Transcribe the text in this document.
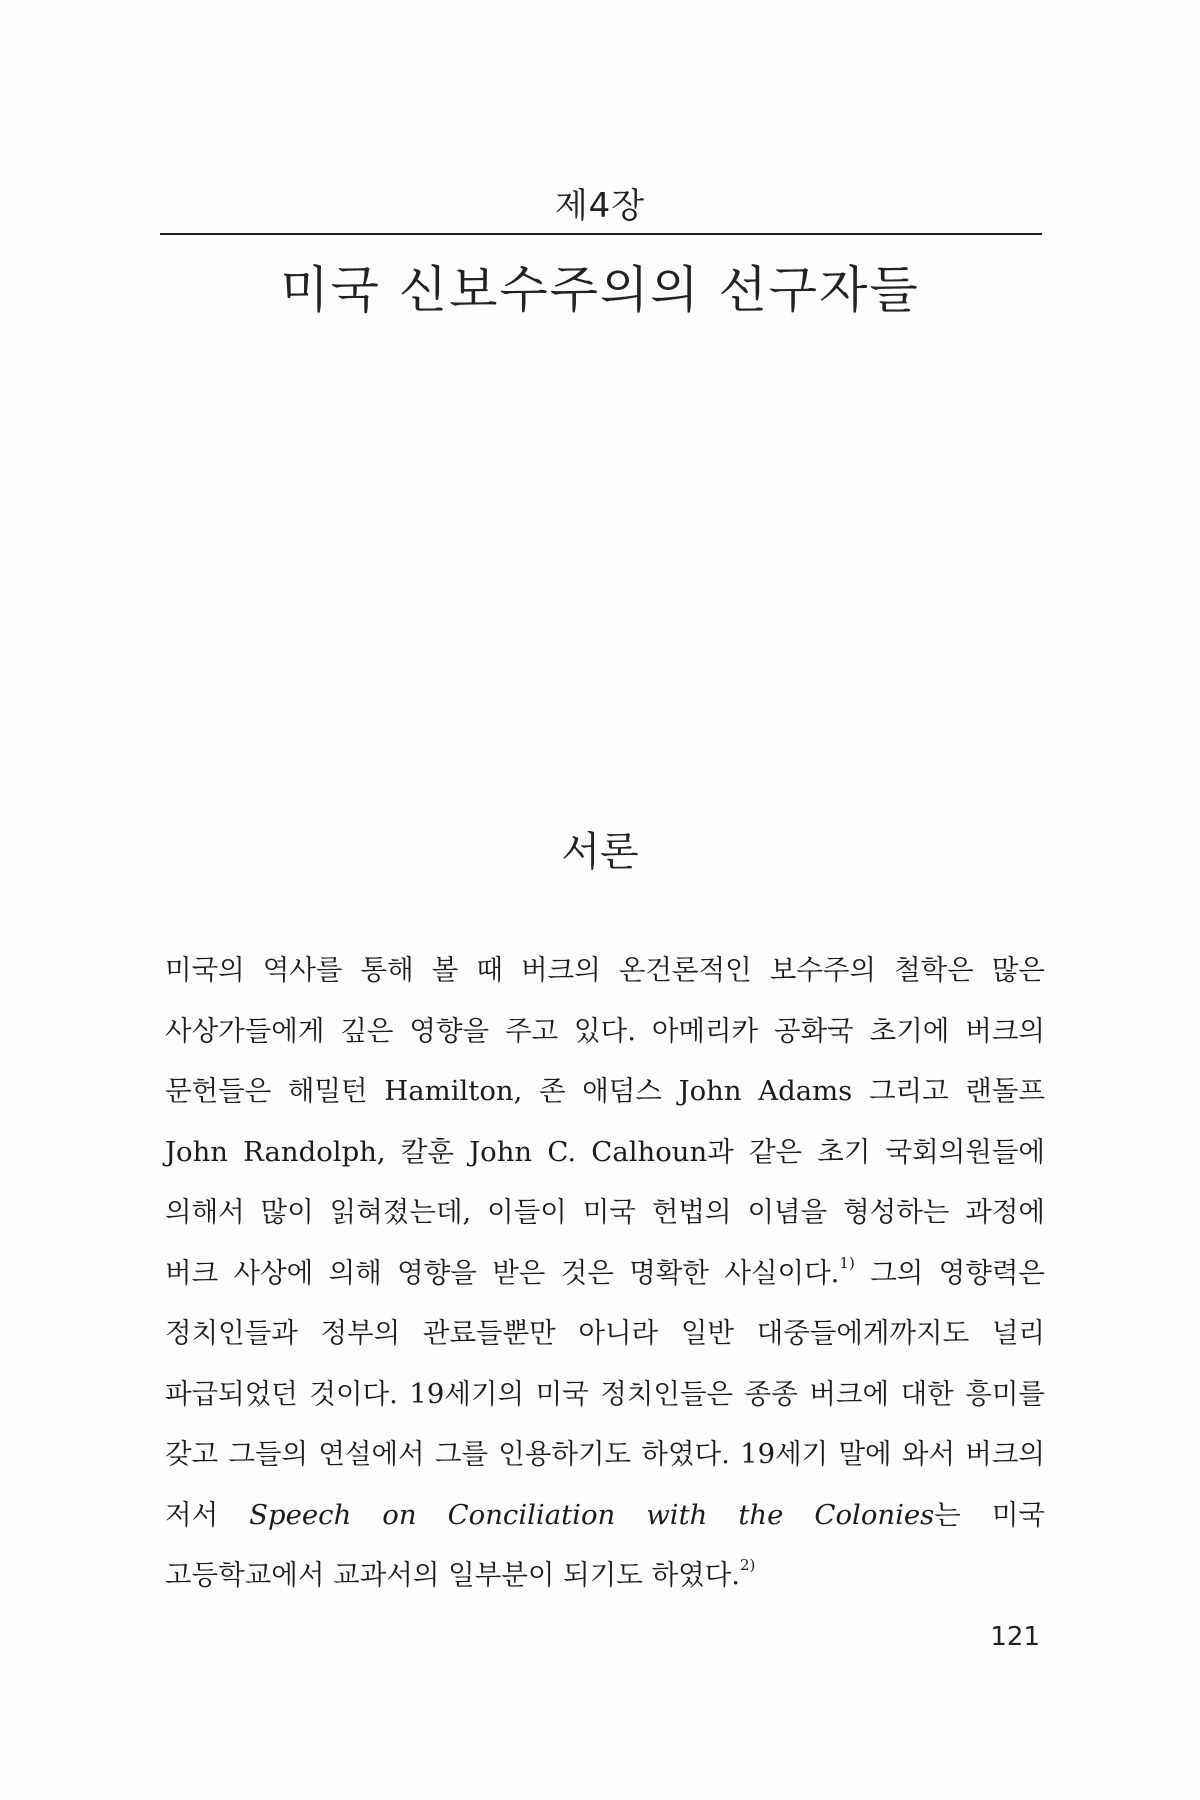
제4장
미국 신보수주의의 선구자들
서론

미국의 역사를 통해 볼 때 버크의 온건론적인 보수주의 철학은 많은 사상가들에게 깊은 영향을 주고 있다. 아메리카 공화국 초기에 버크의 문헌들은 해밀턴 Hamilton, 존 애덤스 John Adams 그리고 랜돌프 John Randolph, 칼훈 John C. Calhoun과 같은 초기 국회의원들에 의해서 많이 읽혀졌는데, 이들이 미국 헌법의 이념을 형성하는 과정에 버크 사상에 의해 영향을 받은 것은 명확한 사실이다.$^{1)}$ 그의 영향력은 정치인들과 정부의 관료들뿐만 아니라 일반 대중들에게까지도 널리 파급되었던 것이다. 19세기의 미국 정치인들은 종종 버크에 대한 흥미를 갖고 그들의 연설에서 그를 인용하기도 하였다. 19세기 말에 와서 버크의 저서 Speech on Conciliation with the Colonies는 미국 고등학교에서 교과서의 일부분이 되기도 하였다.$^{2)}$

121
